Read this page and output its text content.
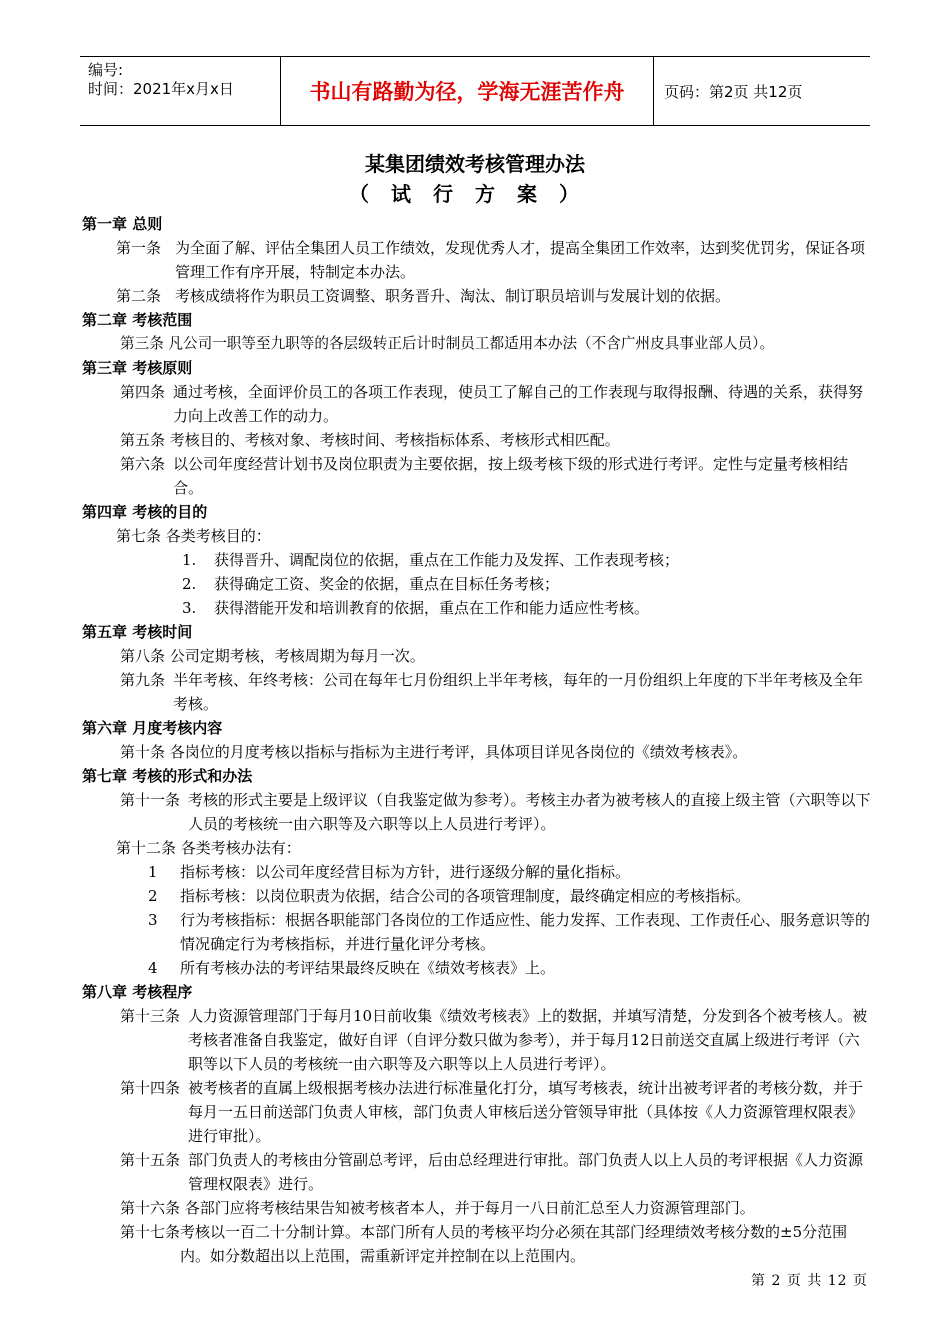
编号:
时间：2021年x月x日	书山有路勤为径，学海无涯苦作舟	页码：第2页 共12页
某集团绩效考核管理办法
（试行方案）
第一章 总则
第一条 为全面了解、评估全集团人员工作绩效，发现优秀人才，提高全集团工作效率，达到奖优罚劣，保证各项管理工作有序开展，特制定本办法。
第二条 考核成绩将作为职员工资调整、职务晋升、淘汰、制订职员培训与发展计划的依据。
第二章 考核范围
第三条 凡公司一职等至九职等的各层级转正后计时制员工都适用本办法（不含广州皮具事业部人员）。
第三章 考核原则
第四条 通过考核，全面评价员工的各项工作表现，使员工了解自己的工作表现与取得报酬、待遇的关系，获得努力向上改善工作的动力。
第五条 考核目的、考核对象、考核时间、考核指标体系、考核形式相匹配。
第六条 以公司年度经营计划书及岗位职责为主要依据，按上级考核下级的形式进行考评。定性与定量考核相结合。
第四章 考核的目的
第七条 各类考核目的：
1.	获得晋升、调配岗位的依据，重点在工作能力及发挥、工作表现考核；
2.	获得确定工资、奖金的依据，重点在目标任务考核；
3.	获得潜能开发和培训教育的依据，重点在工作和能力适应性考核。
第五章 考核时间
第八条 公司定期考核，考核周期为每月一次。
第九条 半年考核、年终考核：公司在每年七月份组织上半年考核，每年的一月份组织上年度的下半年考核及全年考核。
第六章 月度考核内容
第十条 各岗位的月度考核以指标与指标为主进行考评，具体项目详见各岗位的《绩效考核表》。
第七章 考核的形式和办法
第十一条 考核的形式主要是上级评议（自我鉴定做为参考）。考核主办者为被考核人的直接上级主管（六职等以下人员的考核统一由六职等及六职等以上人员进行考评）。
第十二条 各类考核办法有：
1	指标考核：以公司年度经营目标为方针，进行逐级分解的量化指标。
2	指标考核：以岗位职责为依据，结合公司的各项管理制度，最终确定相应的考核指标。
3	行为考核指标：根据各职能部门各岗位的工作适应性、能力发挥、工作表现、工作责任心、服务意识等的情况确定行为考核指标，并进行量化评分考核。
4	所有考核办法的考评结果最终反映在《绩效考核表》上。
第八章 考核程序
第十三条 人力资源管理部门于每月10日前收集《绩效考核表》上的数据，并填写清楚，分发到各个被考核人。被考核者准备自我鉴定，做好自评（自评分数只做为参考），并于每月12日前送交直属上级进行考评（六职等以下人员的考核统一由六职等及六职等以上人员进行考评）。
第十四条 被考核者的直属上级根据考核办法进行标准量化打分，填写考核表，统计出被考评者的考核分数，并于每月一五日前送部门负责人审核，部门负责人审核后送分管领导审批（具体按《人力资源管理权限表》进行审批）。
第十五条 部门负责人的考核由分管副总考评，后由总经理进行审批。部门负责人以上人员的考评根据《人力资源管理权限表》进行。
第十六条 各部门应将考核结果告知被考核者本人，并于每月一八日前汇总至人力资源管理部门。
第十七条 考核以一百二十分制计算。本部门所有人员的考核平均分必须在其部门经理绩效考核分数的±5分范围内。如分数超出以上范围，需重新评定并控制在以上范围内。
第 2 页 共 12 页
